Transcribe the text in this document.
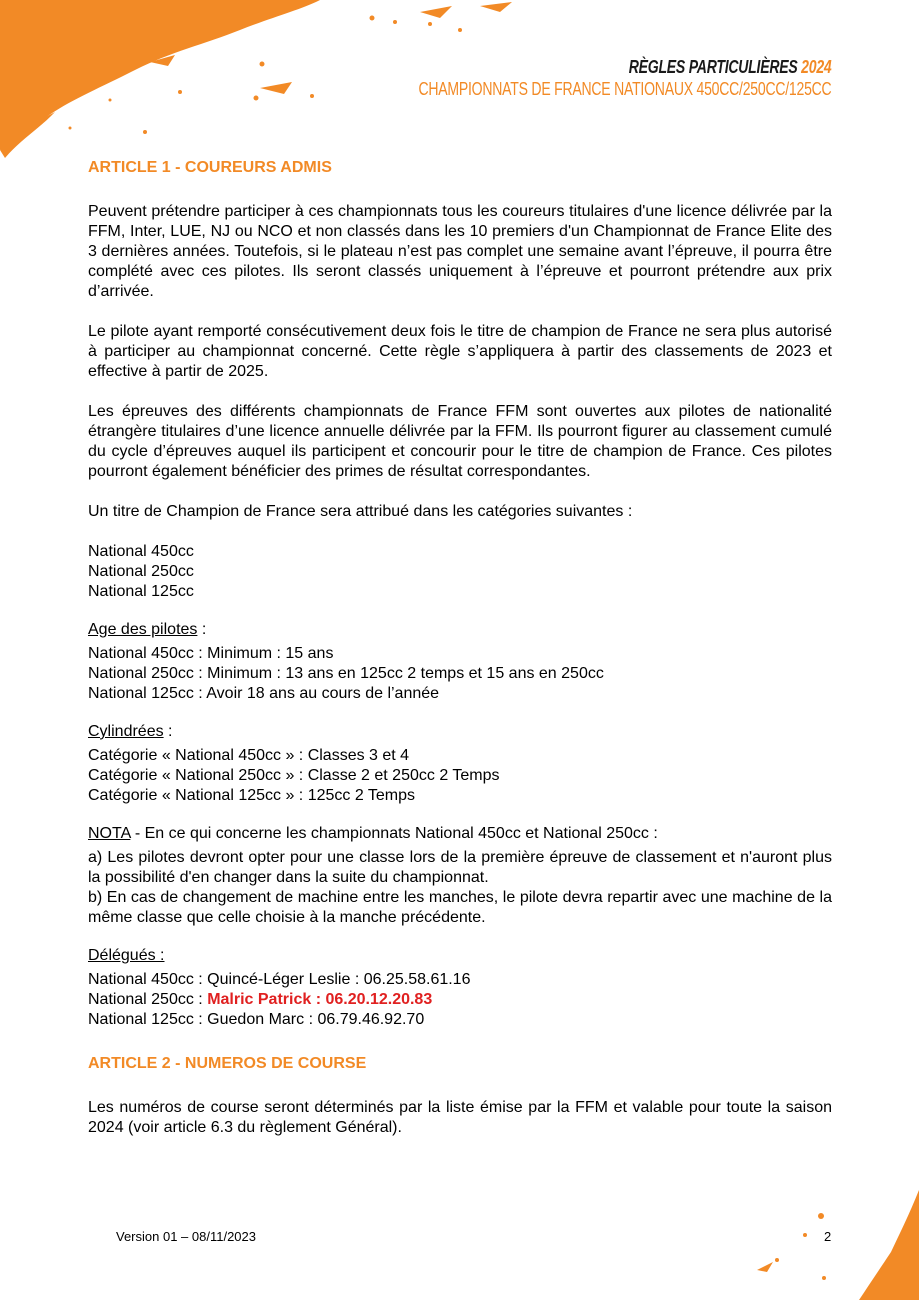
RÈGLES PARTICULIÈRES 2024
CHAMPIONNATS DE FRANCE NATIONAUX 450CC/250CC/125CC

ARTICLE 1 - COUREURS ADMIS

Peuvent prétendre participer à ces championnats tous les coureurs titulaires d'une licence délivrée par la FFM, Inter, LUE, NJ ou NCO et non classés dans les 10 premiers d'un Championnat de France Elite des 3 dernières années. Toutefois, si le plateau n’est pas complet une semaine avant l’épreuve, il pourra être complété avec ces pilotes. Ils seront classés uniquement à l’épreuve et pourront prétendre aux prix d’arrivée.

Le pilote ayant remporté consécutivement deux fois le titre de champion de France ne sera plus autorisé à participer au championnat concerné. Cette règle s’appliquera à partir des classements de 2023 et effective à partir de 2025.

Les épreuves des différents championnats de France FFM sont ouvertes aux pilotes de nationalité étrangère titulaires d’une licence annuelle délivrée par la FFM. Ils pourront figurer au classement cumulé du cycle d’épreuves auquel ils participent et concourir pour le titre de champion de France. Ces pilotes pourront également bénéficier des primes de résultat correspondantes.

Un titre de Champion de France sera attribué dans les catégories suivantes :

National 450cc

National 250cc

National 125cc

Age des pilotes :

National 450cc : Minimum : 15 ans

National 250cc : Minimum : 13 ans en 125cc 2 temps et 15 ans en 250cc

National 125cc : Avoir 18 ans au cours de l’année

Cylindrées :

Catégorie « National 450cc » : Classes 3 et 4

Catégorie « National 250cc » : Classe 2 et 250cc 2 Temps

Catégorie « National 125cc » : 125cc 2 Temps

NOTA - En ce qui concerne les championnats National 450cc et National 250cc :

a) Les pilotes devront opter pour une classe lors de la première épreuve de classement et n'auront plus la possibilité d'en changer dans la suite du championnat.

b) En cas de changement de machine entre les manches, le pilote devra repartir avec une machine de la même classe que celle choisie à la manche précédente.

Délégués :

National 450cc : Quincé-Léger Leslie : 06.25.58.61.16

National 250cc : Malric Patrick : 06.20.12.20.83

National 125cc : Guedon Marc : 06.79.46.92.70

ARTICLE 2 - NUMEROS DE COURSE

Les numéros de course seront déterminés par la liste émise par la FFM et valable pour toute la saison 2024 (voir article 6.3 du règlement Général).

Version 01 – 08/11/2023	2
